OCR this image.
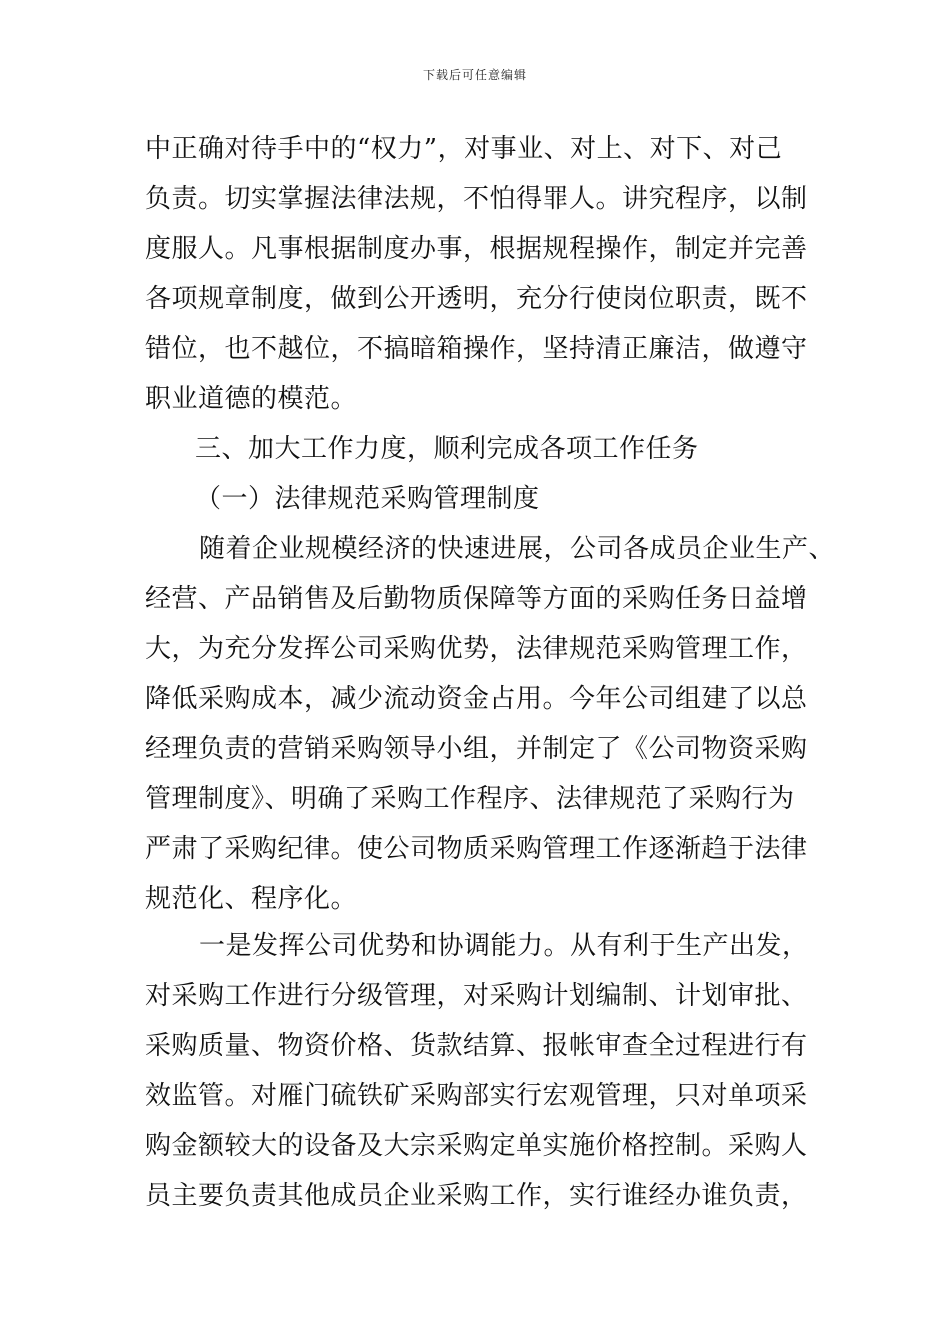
下载后可任意编辑
中正确对待手中的“权力”，对事业、对上、对下、对己
负责。切实掌握法律法规，不怕得罪人。讲究程序，以制
度服人。凡事根据制度办事，根据规程操作，制定并完善
各项规章制度，做到公开透明，充分行使岗位职责，既不
错位，也不越位，不搞暗箱操作，坚持清正廉洁，做遵守
职业道德的模范。
三、加大工作力度，顺利完成各项工作任务
（一）法律规范采购管理制度
随着企业规模经济的快速进展，公司各成员企业生产、
经营、产品销售及后勤物质保障等方面的采购任务日益增
大，为充分发挥公司采购优势，法律规范采购管理工作，
降低采购成本，减少流动资金占用。今年公司组建了以总
经理负责的营销采购领导小组，并制定了《公司物资采购
管理制度》、明确了采购工作程序、法律规范了采购行为
严肃了采购纪律。使公司物质采购管理工作逐渐趋于法律
规范化、程序化。
一是发挥公司优势和协调能力。从有利于生产出发，
对采购工作进行分级管理，对采购计划编制、计划审批、
采购质量、物资价格、货款结算、报帐审查全过程进行有
效监管。对雁门硫铁矿采购部实行宏观管理，只对单项采
购金额较大的设备及大宗采购定单实施价格控制。采购人
员主要负责其他成员企业采购工作，实行谁经办谁负责，
